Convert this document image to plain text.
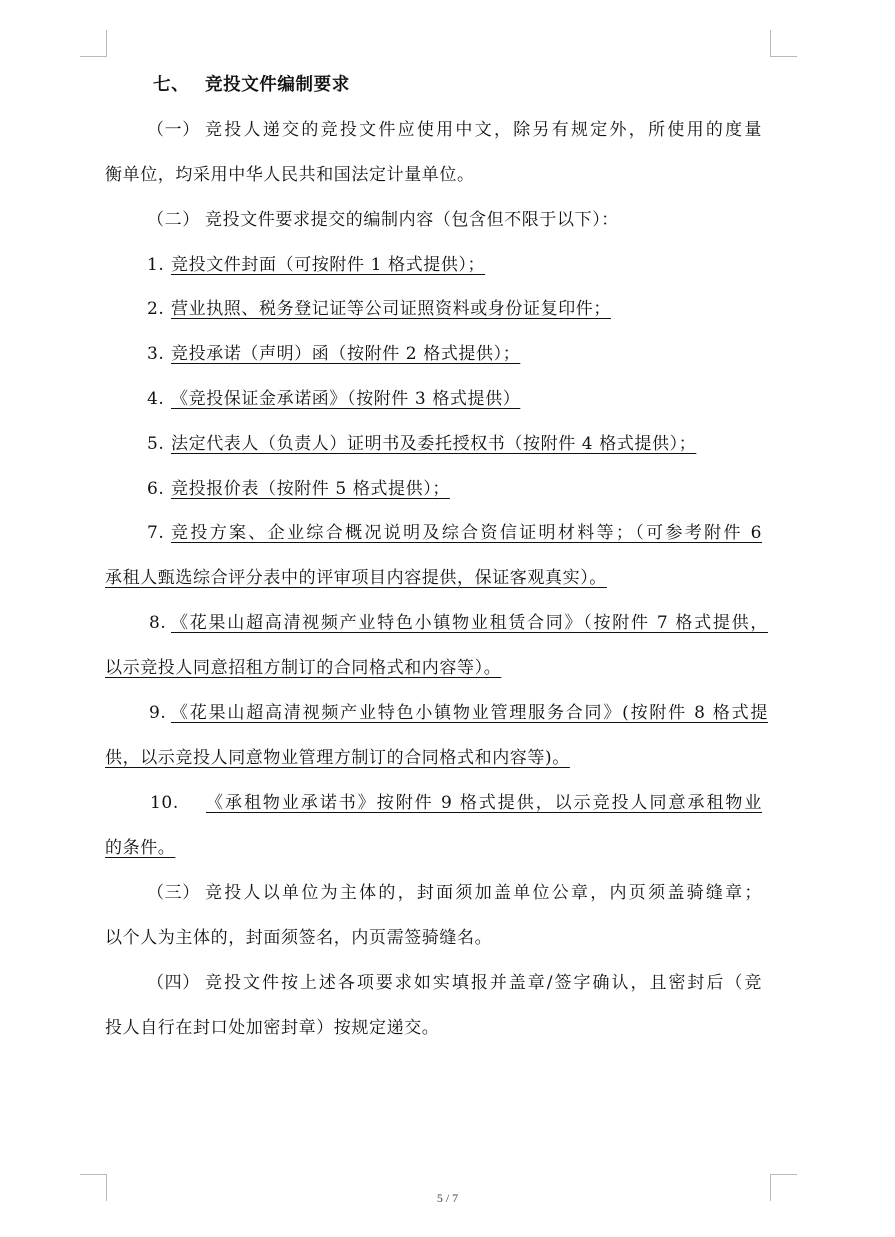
七、 竞投文件编制要求
（一） 竞投人递交的竞投文件应使用中文，除另有规定外，所使用的度量
衡单位，均采用中华人民共和国法定计量单位。
（二） 竞投文件要求提交的编制内容（包含但不限于以下）：
1. 竞投文件封面（可按附件 1 格式提供）；
2. 营业执照、税务登记证等公司证照资料或身份证复印件；
3. 竞投承诺（声明）函（按附件 2 格式提供）；
4. 《竞投保证金承诺函》（按附件 3 格式提供）
5. 法定代表人（负责人）证明书及委托授权书（按附件 4 格式提供）；
6. 竞投报价表（按附件 5 格式提供）；
7. 竞投方案、企业综合概况说明及综合资信证明材料等；（可参考附件 6
承租人甄选综合评分表中的评审项目内容提供，保证客观真实）。
8. 《花果山超高清视频产业特色小镇物业租赁合同》（按附件 7 格式提供，
以示竞投人同意招租方制订的合同格式和内容等）。
9. 《花果山超高清视频产业特色小镇物业管理服务合同》(按附件 8 格式提
供，以示竞投人同意物业管理方制订的合同格式和内容等)。
10. 《承租物业承诺书》按附件 9 格式提供，以示竞投人同意承租物业
的条件。
（三） 竞投人以单位为主体的，封面须加盖单位公章，内页须盖骑缝章；
以个人为主体的，封面须签名，内页需签骑缝名。
（四） 竞投文件按上述各项要求如实填报并盖章/签字确认，且密封后（竞
投人自行在封口处加密封章）按规定递交。
5 / 7
